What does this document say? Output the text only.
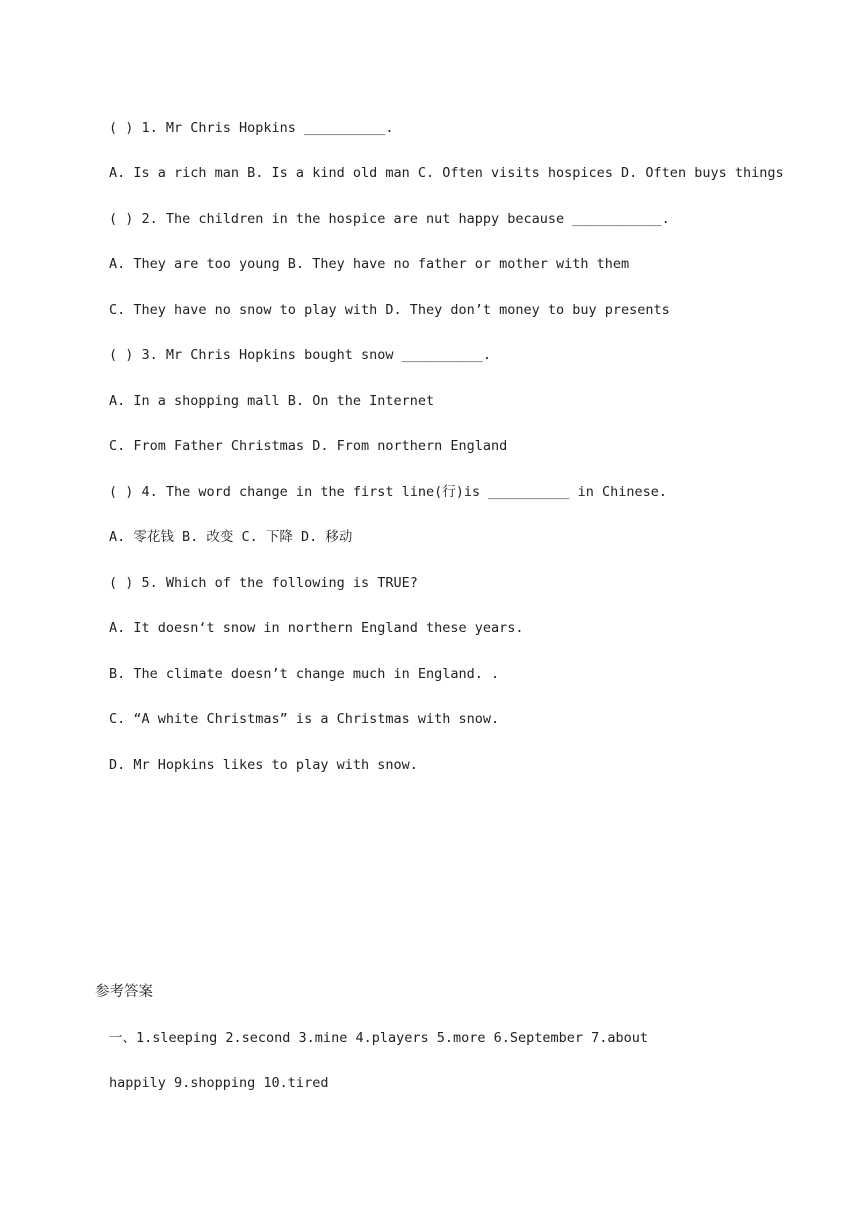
( ) 1. Mr Chris Hopkins __________.
A. Is a rich man B. Is a kind old man C. Often visits hospices D. Often buys things
( ) 2. The children in the hospice are nut happy because ___________.
A. They are too young B. They have no father or mother with them
C. They have no snow to play with D. They don’t money to buy presents
( ) 3. Mr Chris Hopkins bought snow __________.
A. In a shopping mall B. On the Internet
C. From Father Christmas D. From northern England
( ) 4. The word change in the first line(行)is __________ in Chinese.
A. 零花钱 B. 改变 C. 下降 D. 移动
( ) 5. Which of the following is TRUE?
A. It doesn‘t snow in northern England these years.
B. The climate doesn’t change much in England. .
C. “A white Christmas” is a Christmas with snow.
D. Mr Hopkins likes to play with snow.
参考答案
一、1.sleeping 2.second 3.mine 4.players 5.more 6.September 7.about
happily 9.shopping 10.tired
